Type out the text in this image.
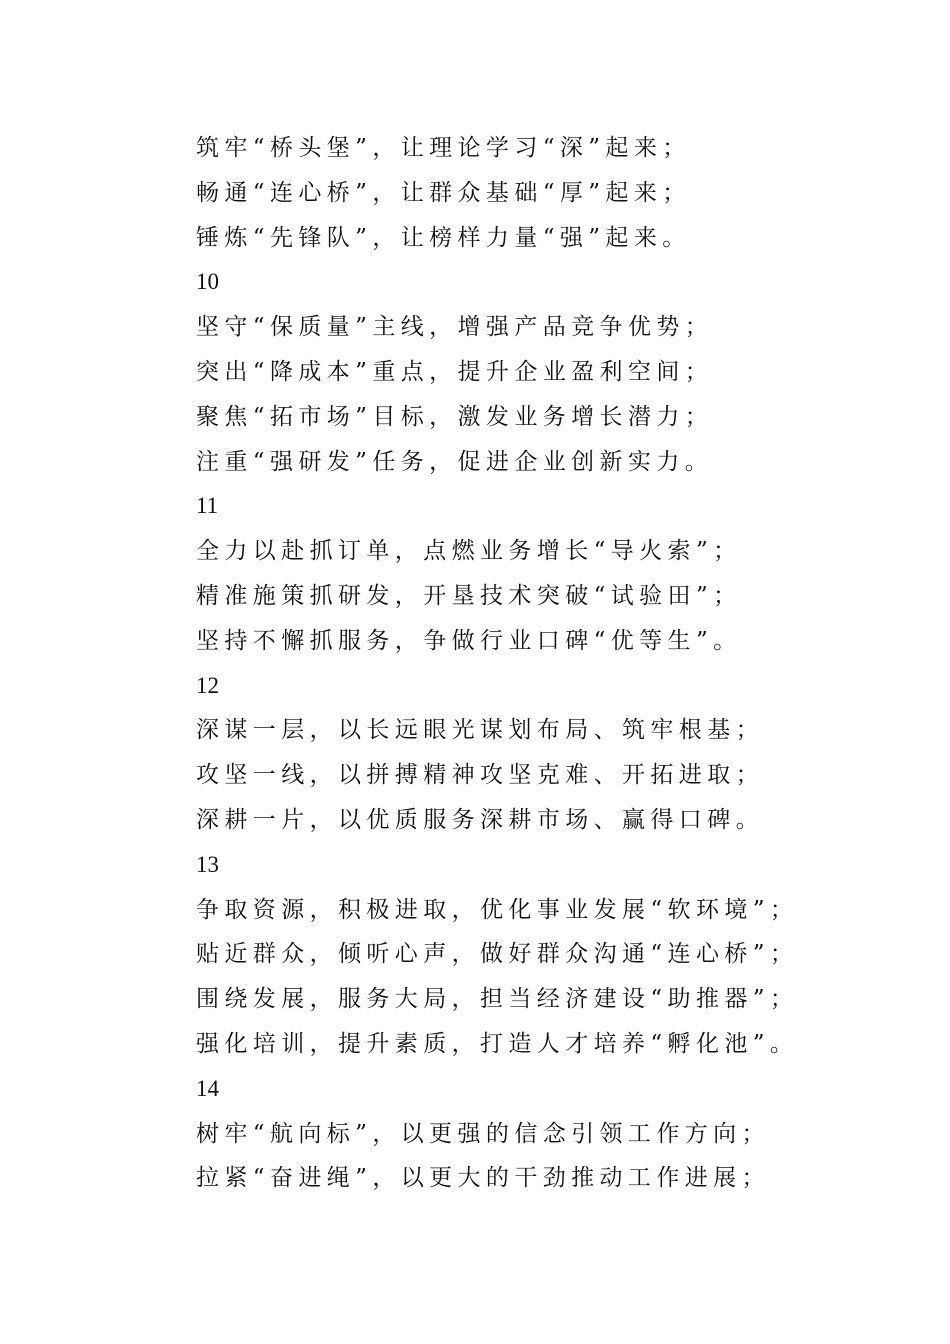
筑牢“桥头堡”，让理论学习“深”起来；
畅通“连心桥”，让群众基础“厚”起来；
锤炼“先锋队”，让榜样力量“强”起来。
10
坚守“保质量”主线，增强产品竞争优势；
突出“降成本”重点，提升企业盈利空间；
聚焦“拓市场”目标，激发业务增长潜力；
注重“强研发”任务，促进企业创新实力。
11
全力以赴抓订单，点燃业务增长“导火索”；
精准施策抓研发，开垦技术突破“试验田”；
坚持不懈抓服务，争做行业口碑“优等生”。
12
深谋一层，以长远眼光谋划布局、筑牢根基；
攻坚一线，以拼搏精神攻坚克难、开拓进取；
深耕一片，以优质服务深耕市场、赢得口碑。
13
争取资源，积极进取，优化事业发展“软环境”；
贴近群众，倾听心声，做好群众沟通“连心桥”；
围绕发展，服务大局，担当经济建设“助推器”；
强化培训，提升素质，打造人才培养“孵化池”。
14
树牢“航向标”，以更强的信念引领工作方向；
拉紧“奋进绳”，以更大的干劲推动工作进展；
